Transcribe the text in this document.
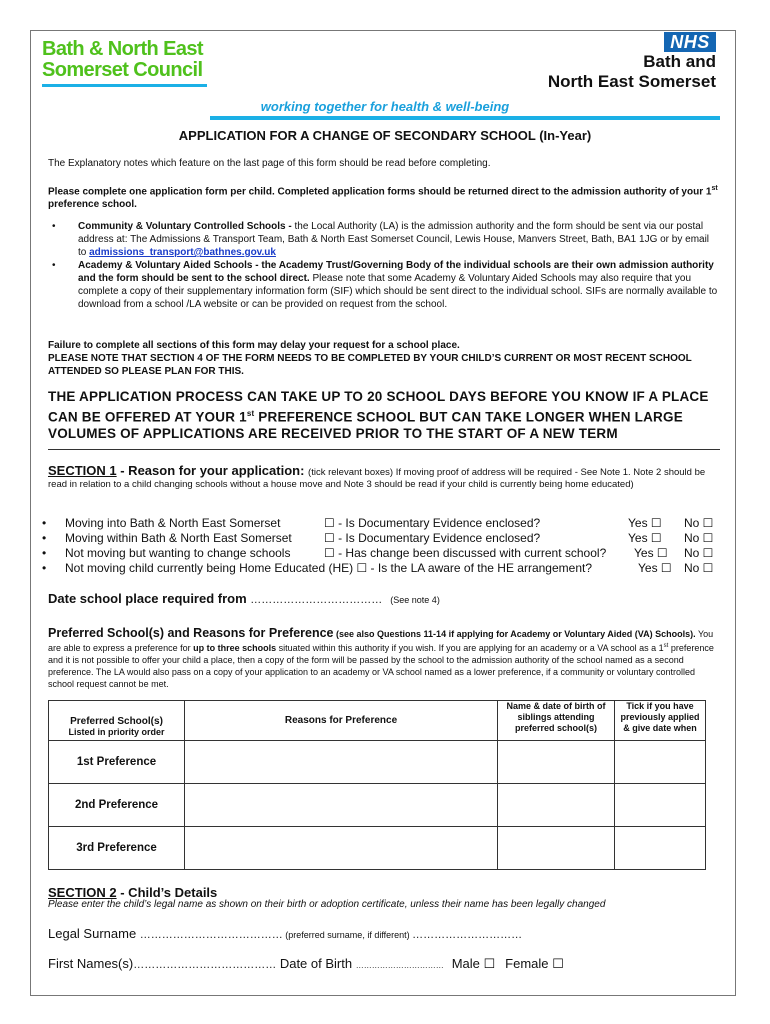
Bath & North East
Somerset Council
NHS
Bath and
North East Somerset
working together for health & well-being
APPLICATION FOR A CHANGE OF SECONDARY SCHOOL (In-Year)
The Explanatory notes which feature on the last page of this form should be read before completing.
Please complete one application form per child. Completed application forms should be returned direct to the admission authority of your 1st preference school.
• Community & Voluntary Controlled Schools - the Local Authority (LA) is the admission authority and the form should be sent via our postal address at: The Admissions & Transport Team, Bath & North East Somerset Council, Lewis House, Manvers Street, Bath, BA1 1JG or by email to admissions_transport@bathnes.gov.uk
• Academy & Voluntary Aided Schools - the Academy Trust/Governing Body of the individual schools are their own admission authority and the form should be sent to the school direct. Please note that some Academy & Voluntary Aided Schools may also require that you complete a copy of their supplementary information form (SIF) which should be sent direct to the individual school. SIFs are normally available to download from a school /LA website or can be provided on request from the school.
Failure to complete all sections of this form may delay your request for a school place.
PLEASE NOTE THAT SECTION 4 OF THE FORM NEEDS TO BE COMPLETED BY YOUR CHILD’S CURRENT OR MOST RECENT SCHOOL ATTENDED SO PLEASE PLAN FOR THIS.
THE APPLICATION PROCESS CAN TAKE UP TO 20 SCHOOL DAYS BEFORE YOU KNOW IF A PLACE CAN BE OFFERED AT YOUR 1st PREFERENCE SCHOOL BUT CAN TAKE LONGER WHEN LARGE VOLUMES OF APPLICATIONS ARE RECEIVED PRIOR TO THE START OF A NEW TERM
SECTION 1 - Reason for your application: (tick relevant boxes) If moving proof of address will be required - See Note 1. Note 2 should be read in relation to a child changing schools without a house move and Note 3 should be read if your child is currently being home educated)
• Moving into Bath & North East Somerset	☐ - Is Documentary Evidence enclosed?	Yes ☐ No ☐
• Moving within Bath & North East Somerset	☐ - Is Documentary Evidence enclosed?	Yes ☐ No ☐
• Not moving but wanting to change schools	☐ - Has change been discussed with current school? Yes ☐ No ☐
• Not moving child currently being Home Educated (HE) ☐ - Is the LA aware of the HE arrangement?	Yes ☐ No ☐
Date school place required from ……………………………… (See note 4)
Preferred School(s) and Reasons for Preference (see also Questions 11-14 if applying for Academy or Voluntary Aided (VA) Schools). You are able to express a preference for up to three schools situated within this authority if you wish. If you are applying for an academy or a VA school as a 1st preference and it is not possible to offer your child a place, then a copy of the form will be passed by the school to the admission authority of the school named as a second preference. The LA would also pass on a copy of your application to an academy or VA school named as a lower preference, if a community or voluntary controlled school request cannot be met.
Preferred School(s)
Listed in priority order	Reasons for Preference	Name & date of birth of siblings attending preferred school(s)	Tick if you have previously applied & give date when
1st Preference			
2nd Preference			
3rd Preference			
SECTION 2 - Child’s Details
Please enter the child’s legal name as shown on their birth or adoption certificate, unless their name has been legally changed
Legal Surname ………………………………… (preferred surname, if different) …………………………
First Names(s)………………………………… Date of Birth …………………………… Male ☐ Female ☐
